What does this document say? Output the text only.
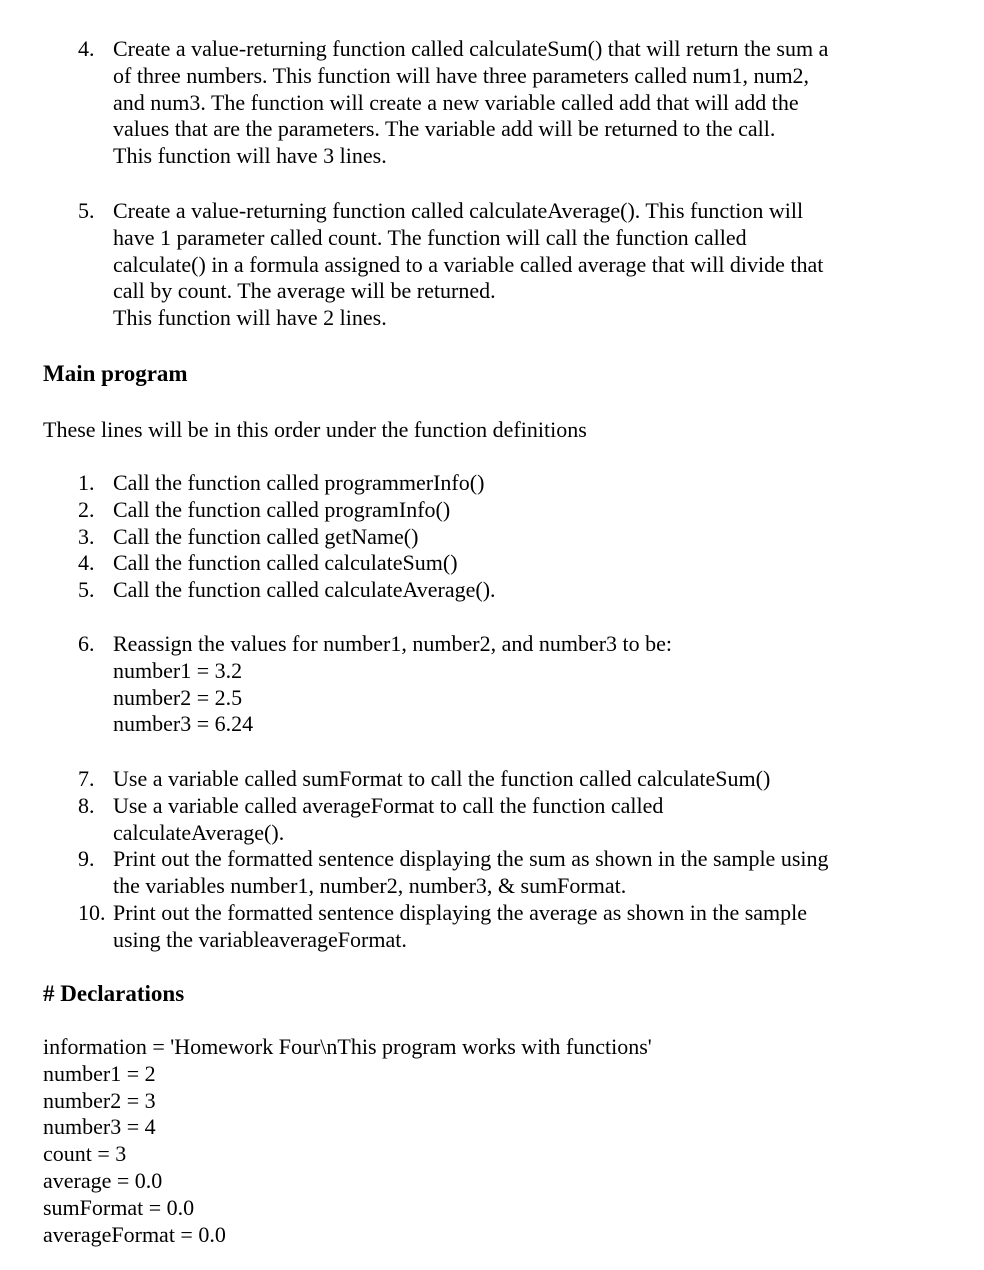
4. Create a value-returning function called calculateSum() that will return the sum a
of three numbers. This function will have three parameters called num1, num2,
and num3. The function will create a new variable called add that will add the
values that are the parameters. The variable add will be returned to the call.
This function will have 3 lines.
5. Create a value-returning function called calculateAverage(). This function will
have 1 parameter called count. The function will call the function called
calculate() in a formula assigned to a variable called average that will divide that
call by count. The average will be returned.
This function will have 2 lines.
Main program
These lines will be in this order under the function definitions
1. Call the function called programmerInfo()
2. Call the function called programInfo()
3. Call the function called getName()
4. Call the function called calculateSum()
5. Call the function called calculateAverage().
6. Reassign the values for number1, number2, and number3 to be:
number1 = 3.2
number2 = 2.5
number3 = 6.24
7. Use a variable called sumFormat to call the function called calculateSum()
8. Use a variable called averageFormat to call the function called
calculateAverage().
9. Print out the formatted sentence displaying the sum as shown in the sample using
the variables number1, number2, number3, & sumFormat.
10. Print out the formatted sentence displaying the average as shown in the sample
using the variableaverageFormat.
# Declarations
information = 'Homework Four\nThis program works with functions'
number1 = 2
number2 = 3
number3 = 4
count = 3
average = 0.0
sumFormat = 0.0
averageFormat = 0.0
